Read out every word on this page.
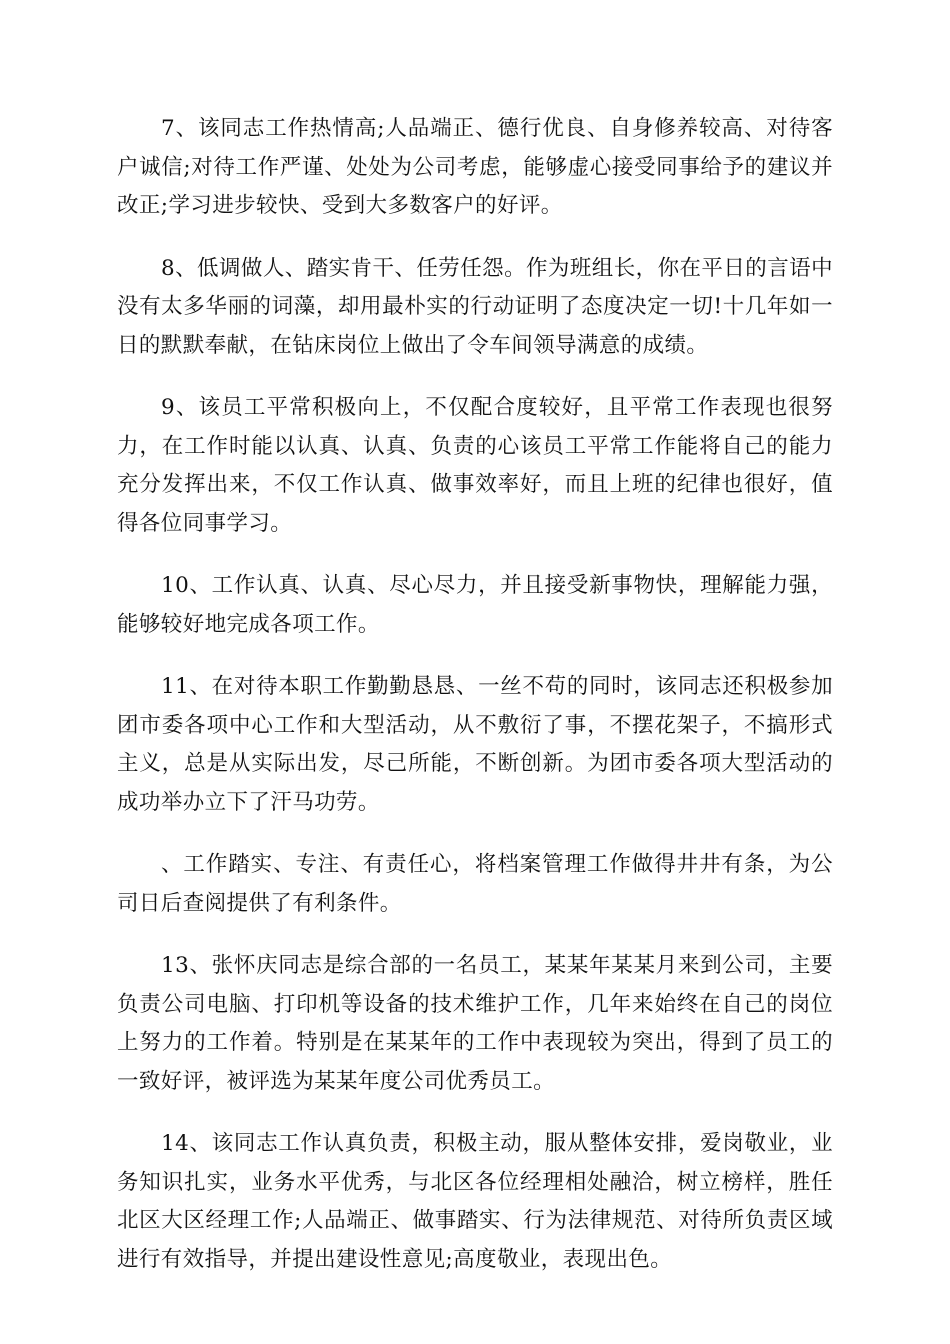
7、该同志工作热情高;人品端正、德行优良、自身修养较高、对待客户诚信;对待工作严谨、处处为公司考虑，能够虚心接受同事给予的建议并改正;学习进步较快、受到大多数客户的好评。

8、低调做人、踏实肯干、任劳任怨。作为班组长，你在平日的言语中没有太多华丽的词藻，却用最朴实的行动证明了态度决定一切!十几年如一日的默默奉献，在钻床岗位上做出了令车间领导满意的成绩。

9、该员工平常积极向上，不仅配合度较好，且平常工作表现也很努力，在工作时能以认真、认真、负责的心该员工平常工作能将自己的能力充分发挥出来，不仅工作认真、做事效率好，而且上班的纪律也很好，值得各位同事学习。

10、工作认真、认真、尽心尽力，并且接受新事物快，理解能力强，能够较好地完成各项工作。

11、在对待本职工作勤勤恳恳、一丝不苟的同时，该同志还积极参加团市委各项中心工作和大型活动，从不敷衍了事，不摆花架子，不搞形式主义，总是从实际出发，尽己所能，不断创新。为团市委各项大型活动的成功举办立下了汗马功劳。

、工作踏实、专注、有责任心，将档案管理工作做得井井有条，为公司日后查阅提供了有利条件。

13、张怀庆同志是综合部的一名员工，某某年某某月来到公司，主要负责公司电脑、打印机等设备的技术维护工作，几年来始终在自己的岗位上努力的工作着。特别是在某某年的工作中表现较为突出，得到了员工的一致好评，被评选为某某年度公司优秀员工。

14、该同志工作认真负责，积极主动，服从整体安排，爱岗敬业，业务知识扎实，业务水平优秀，与北区各位经理相处融洽，树立榜样，胜任北区大区经理工作;人品端正、做事踏实、行为法律规范、对待所负责区域进行有效指导，并提出建设性意见;高度敬业，表现出色。
